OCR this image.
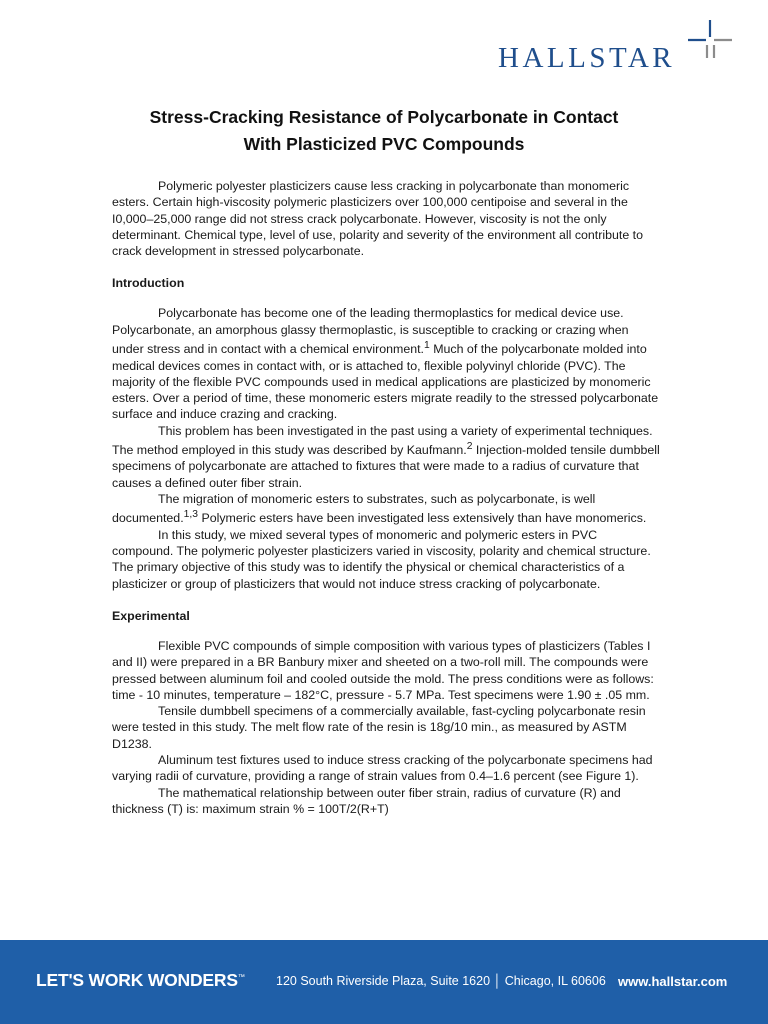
HALLSTAR
Stress-Cracking Resistance of Polycarbonate in Contact
With Plasticized PVC Compounds

Polymeric polyester plasticizers cause less cracking in polycarbonate than monomeric esters. Certain high-viscosity polymeric plasticizers over 100,000 centipoise and several in the I0,000–25,000 range did not stress crack polycarbonate. However, viscosity is not the only determinant. Chemical type, level of use, polarity and severity of the environment all contribute to crack development in stressed polycarbonate.

Introduction

Polycarbonate has become one of the leading thermoplastics for medical device use. Polycarbonate, an amorphous glassy thermoplastic, is susceptible to cracking or crazing when under stress and in contact with a chemical environment.$^1$ Much of the polycarbonate molded into medical devices comes in contact with, or is attached to, flexible polyvinyl chloride (PVC). The majority of the flexible PVC compounds used in medical applications are plasticized by monomeric esters. Over a period of time, these monomeric esters migrate readily to the stressed polycarbonate surface and induce crazing and cracking.

This problem has been investigated in the past using a variety of experimental techniques. The method employed in this study was described by Kaufmann.$^2$ Injection-molded tensile dumbbell specimens of polycarbonate are attached to fixtures that were made to a radius of curvature that causes a defined outer fiber strain.

The migration of monomeric esters to substrates, such as polycarbonate, is well documented.$^{1,3}$ Polymeric esters have been investigated less extensively than have monomerics.

In this study, we mixed several types of monomeric and polymeric esters in PVC compound. The polymeric polyester plasticizers varied in viscosity, polarity and chemical structure. The primary objective of this study was to identify the physical or chemical characteristics of a plasticizer or group of plasticizers that would not induce stress cracking of polycarbonate.

Experimental

Flexible PVC compounds of simple composition with various types of plasticizers (Tables I and II) were prepared in a BR Banbury mixer and sheeted on a two-roll mill. The compounds were pressed between aluminum foil and cooled outside the mold. The press conditions were as follows: time - 10 minutes, temperature – 182°C, pressure - 5.7 MPa. Test specimens were 1.90 ± .05 mm.

Tensile dumbbell specimens of a commercially available, fast-cycling polycarbonate resin were tested in this study. The melt flow rate of the resin is 18g/10 min., as measured by ASTM D1238.

Aluminum test fixtures used to induce stress cracking of the polycarbonate specimens had varying radii of curvature, providing a range of strain values from 0.4–1.6 percent (see Figure 1).

The mathematical relationship between outer fiber strain, radius of curvature (R) and thickness (T) is: maximum strain % = 100T/2(R+T)

LET'S WORK WONDERS™	120 South Riverside Plaza, Suite 1620 │ Chicago, IL 60606 www.hallstar.com
